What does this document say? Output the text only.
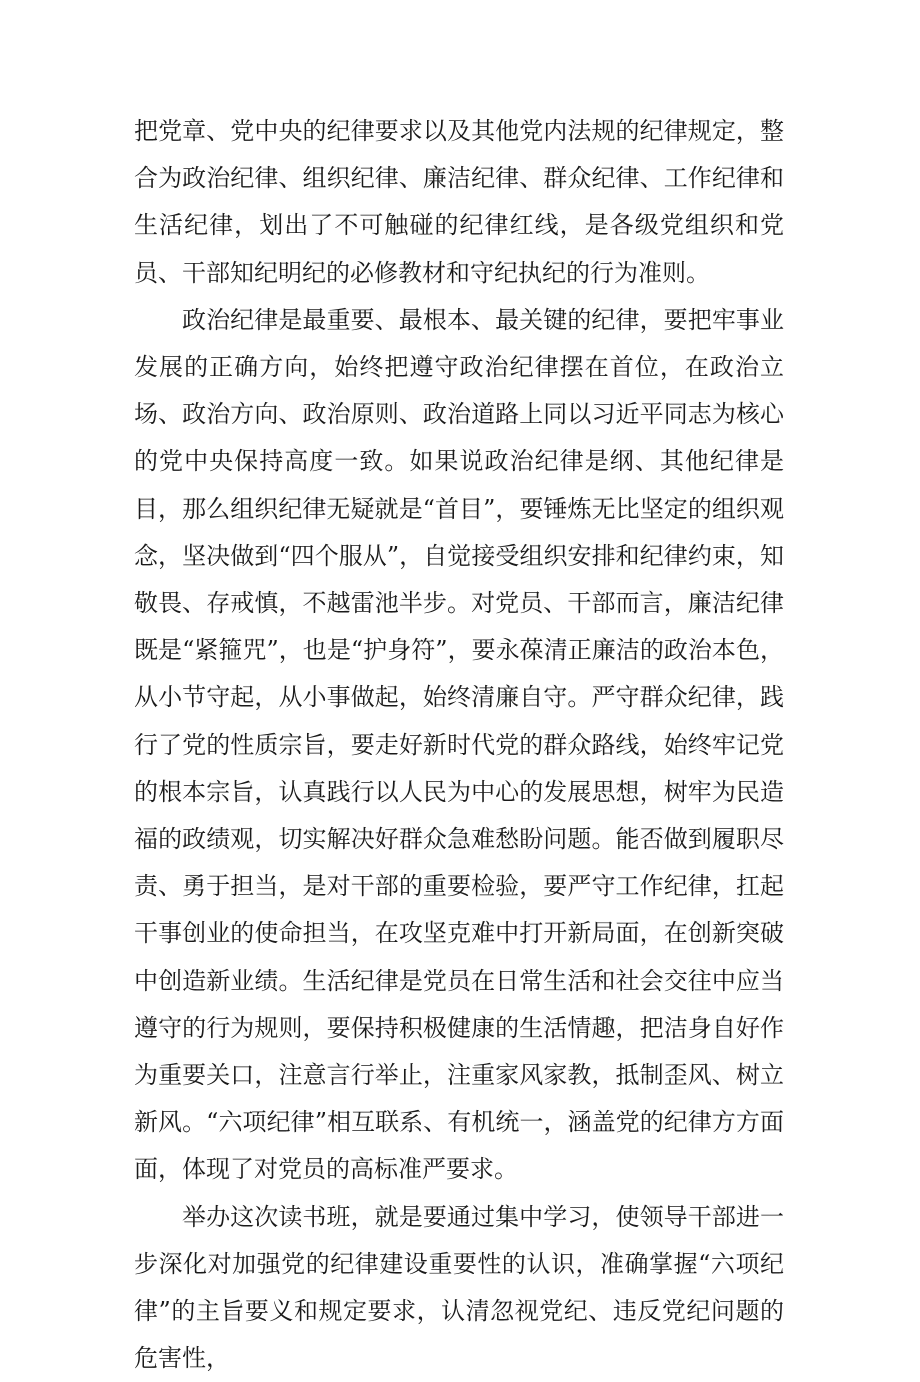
把党章、党中央的纪律要求以及其他党内法规的纪律规定，整合为政治纪律、组织纪律、廉洁纪律、群众纪律、工作纪律和生活纪律，划出了不可触碰的纪律红线，是各级党组织和党员、干部知纪明纪的必修教材和守纪执纪的行为准则。

政治纪律是最重要、最根本、最关键的纪律，要把牢事业发展的正确方向，始终把遵守政治纪律摆在首位，在政治立场、政治方向、政治原则、政治道路上同以习近平同志为核心的党中央保持高度一致。如果说政治纪律是纲、其他纪律是目，那么组织纪律无疑就是“首目”，要锤炼无比坚定的组织观念，坚决做到“四个服从”，自觉接受组织安排和纪律约束，知敬畏、存戒慎，不越雷池半步。对党员、干部而言，廉洁纪律既是“紧箍咒”，也是“护身符”，要永葆清正廉洁的政治本色，从小节守起，从小事做起，始终清廉自守。严守群众纪律，践行了党的性质宗旨，要走好新时代党的群众路线，始终牢记党的根本宗旨，认真践行以人民为中心的发展思想，树牢为民造福的政绩观，切实解决好群众急难愁盼问题。能否做到履职尽责、勇于担当，是对干部的重要检验，要严守工作纪律，扛起干事创业的使命担当，在攻坚克难中打开新局面，在创新突破中创造新业绩。生活纪律是党员在日常生活和社会交往中应当遵守的行为规则，要保持积极健康的生活情趣，把洁身自好作为重要关口，注意言行举止，注重家风家教，抵制歪风、树立新风。“六项纪律”相互联系、有机统一，涵盖党的纪律方方面面，体现了对党员的高标准严要求。

举办这次读书班，就是要通过集中学习，使领导干部进一步深化对加强党的纪律建设重要性的认识，准确掌握“六项纪律”的主旨要义和规定要求，认清忽视党纪、违反党纪问题的危害性，
